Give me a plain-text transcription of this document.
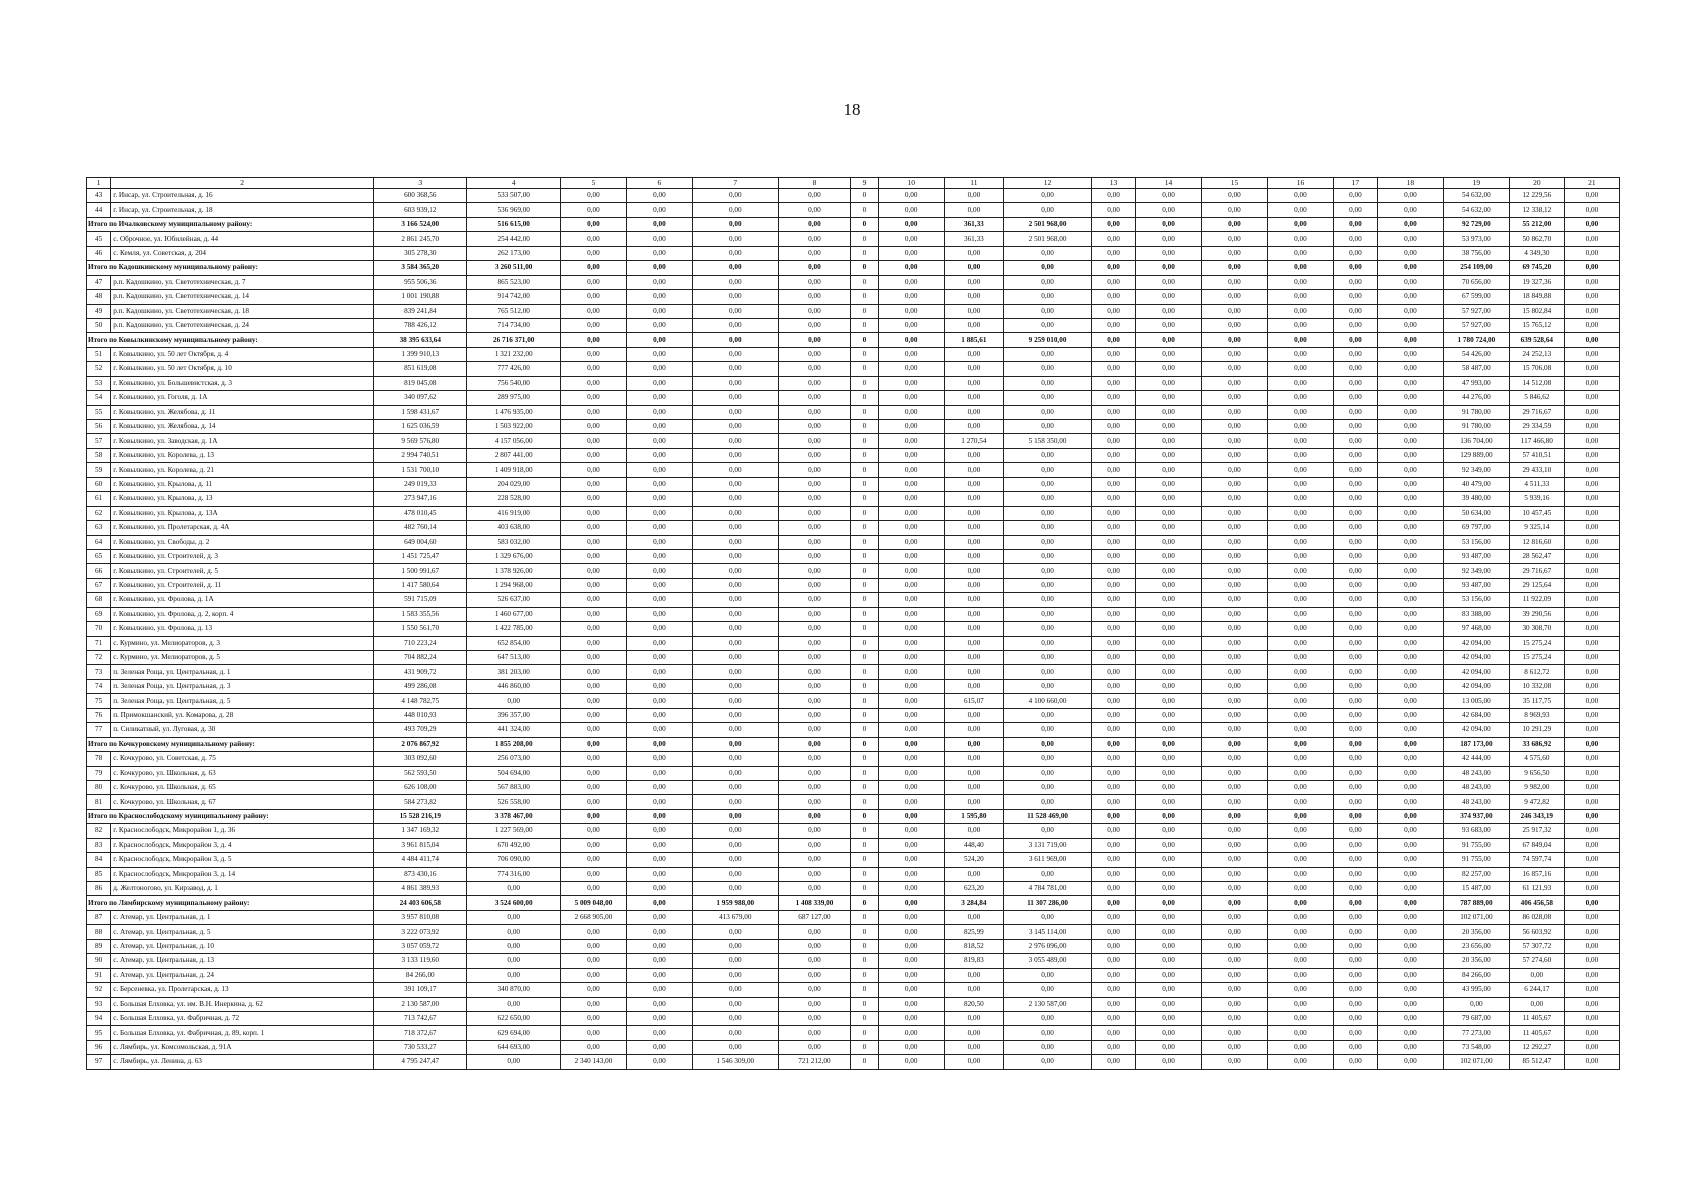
18
1	2	3	4	5	6	7	8	9	10	11	12	13	14	15	16	17	18	19	20	21
43	г. Инсар, ул. Строительная, д. 16	600 368,56	533 507,00	0,00	0,00	0,00	0,00	0	0,00	0,00	0,00	0,00	0,00	0,00	0,00	0,00	0,00	54 632,00	12 229,56	0,00
44	г. Инсар, ул. Строительная, д. 18	603 939,12	536 969,00	0,00	0,00	0,00	0,00	0	0,00	0,00	0,00	0,00	0,00	0,00	0,00	0,00	0,00	54 632,00	12 338,12	0,00
Итого по Ичалковскому муниципальному району:		3 166 524,00	516 615,00	0,00	0,00	0,00	0,00	0	0,00	361,33	2 501 968,00	0,00	0,00	0,00	0,00	0,00	0,00	92 729,00	55 212,00	0,00
45	с. Оброчное, ул. Юбилейная, д. 44	2 861 245,70	254 442,00	0,00	0,00	0,00	0,00	0	0,00	361,33	2 501 968,00	0,00	0,00	0,00	0,00	0,00	0,00	53 973,00	50 862,70	0,00
46	с. Кемля, ул. Советская, д. 204	305 278,30	262 173,00	0,00	0,00	0,00	0,00	0	0,00	0,00	0,00	0,00	0,00	0,00	0,00	0,00	0,00	38 756,00	4 349,30	0,00
Итого по Кадошкинскому муниципальному району:		3 584 365,20	3 260 511,00	0,00	0,00	0,00	0,00	0	0,00	0,00	0,00	0,00	0,00	0,00	0,00	0,00	0,00	254 109,00	69 745,20	0,00
47	р.п. Кадошкино, ул. Светотехническая, д. 7	955 506,36	865 523,00	0,00	0,00	0,00	0,00	0	0,00	0,00	0,00	0,00	0,00	0,00	0,00	0,00	0,00	70 656,00	19 327,36	0,00
48	р.п. Кадошкино, ул. Светотехническая, д. 14	1 001 190,88	914 742,00	0,00	0,00	0,00	0,00	0	0,00	0,00	0,00	0,00	0,00	0,00	0,00	0,00	0,00	67 599,00	18 849,88	0,00
49	р.п. Кадошкино, ул. Светотехническая, д. 18	839 241,84	765 512,00	0,00	0,00	0,00	0,00	0	0,00	0,00	0,00	0,00	0,00	0,00	0,00	0,00	0,00	57 927,00	15 802,84	0,00
50	р.п. Кадошкино, ул. Светотехническая, д. 24	788 426,12	714 734,00	0,00	0,00	0,00	0,00	0	0,00	0,00	0,00	0,00	0,00	0,00	0,00	0,00	0,00	57 927,00	15 765,12	0,00
Итого по Ковылкинскому муниципальному району:		38 395 633,64	26 716 371,00	0,00	0,00	0,00	0,00	0	0,00	1 885,61	9 259 010,00	0,00	0,00	0,00	0,00	0,00	0,00	1 780 724,00	639 528,64	0,00
51	г. Ковылкино, ул. 50 лет Октября, д. 4	1 399 910,13	1 321 232,00	0,00	0,00	0,00	0,00	0	0,00	0,00	0,00	0,00	0,00	0,00	0,00	0,00	0,00	54 426,00	24 252,13	0,00
52	г. Ковылкино, ул. 50 лет Октября, д. 10	851 619,08	777 426,00	0,00	0,00	0,00	0,00	0	0,00	0,00	0,00	0,00	0,00	0,00	0,00	0,00	0,00	58 487,00	15 706,08	0,00
53	г. Ковылкино, ул. Большевистская, д. 3	819 045,08	756 540,00	0,00	0,00	0,00	0,00	0	0,00	0,00	0,00	0,00	0,00	0,00	0,00	0,00	0,00	47 993,00	14 512,08	0,00
54	г. Ковылкино, ул. Гоголя, д. 1А	340 097,62	289 975,00	0,00	0,00	0,00	0,00	0	0,00	0,00	0,00	0,00	0,00	0,00	0,00	0,00	0,00	44 276,00	5 846,62	0,00
55	г. Ковылкино, ул. Желябова, д. 11	1 598 431,67	1 476 935,00	0,00	0,00	0,00	0,00	0	0,00	0,00	0,00	0,00	0,00	0,00	0,00	0,00	0,00	91 780,00	29 716,67	0,00
56	г. Ковылкино, ул. Желябова, д. 14	1 625 036,59	1 503 922,00	0,00	0,00	0,00	0,00	0	0,00	0,00	0,00	0,00	0,00	0,00	0,00	0,00	0,00	91 780,00	29 334,59	0,00
57	г. Ковылкино, ул. Заводская, д. 1А	9 569 576,80	4 157 056,00	0,00	0,00	0,00	0,00	0	0,00	1 270,54	5 158 350,00	0,00	0,00	0,00	0,00	0,00	0,00	136 704,00	117 466,80	0,00
58	г. Ковылкино, ул. Королева, д. 13	2 994 740,51	2 807 441,00	0,00	0,00	0,00	0,00	0	0,00	0,00	0,00	0,00	0,00	0,00	0,00	0,00	0,00	129 889,00	57 410,51	0,00
59	г. Ковылкино, ул. Королева, д. 21	1 531 700,10	1 409 918,00	0,00	0,00	0,00	0,00	0	0,00	0,00	0,00	0,00	0,00	0,00	0,00	0,00	0,00	92 349,00	29 433,10	0,00
60	г. Ковылкино, ул. Крылова, д. 11	249 019,33	204 029,00	0,00	0,00	0,00	0,00	0	0,00	0,00	0,00	0,00	0,00	0,00	0,00	0,00	0,00	40 479,00	4 511,33	0,00
61	г. Ковылкино, ул. Крылова, д. 13	273 947,16	228 528,00	0,00	0,00	0,00	0,00	0	0,00	0,00	0,00	0,00	0,00	0,00	0,00	0,00	0,00	39 480,00	5 939,16	0,00
62	г. Ковылкино, ул. Крылова, д. 13А	478 010,45	416 919,00	0,00	0,00	0,00	0,00	0	0,00	0,00	0,00	0,00	0,00	0,00	0,00	0,00	0,00	50 634,00	10 457,45	0,00
63	г. Ковылкино, ул. Пролетарская, д. 4А	482 760,14	403 638,00	0,00	0,00	0,00	0,00	0	0,00	0,00	0,00	0,00	0,00	0,00	0,00	0,00	0,00	69 797,00	9 325,14	0,00
64	г. Ковылкино, ул. Свободы, д. 2	649 004,60	583 032,00	0,00	0,00	0,00	0,00	0	0,00	0,00	0,00	0,00	0,00	0,00	0,00	0,00	0,00	53 156,00	12 816,60	0,00
65	г. Ковылкино, ул. Строителей, д. 3	1 451 725,47	1 329 676,00	0,00	0,00	0,00	0,00	0	0,00	0,00	0,00	0,00	0,00	0,00	0,00	0,00	0,00	93 487,00	28 562,47	0,00
66	г. Ковылкино, ул. Строителей, д. 5	1 500 991,67	1 378 926,00	0,00	0,00	0,00	0,00	0	0,00	0,00	0,00	0,00	0,00	0,00	0,00	0,00	0,00	92 349,00	29 716,67	0,00
67	г. Ковылкино, ул. Строителей, д. 11	1 417 580,64	1 294 968,00	0,00	0,00	0,00	0,00	0	0,00	0,00	0,00	0,00	0,00	0,00	0,00	0,00	0,00	93 487,00	29 125,64	0,00
68	г. Ковылкино, ул. Фролова, д. 1А	591 715,09	526 637,00	0,00	0,00	0,00	0,00	0	0,00	0,00	0,00	0,00	0,00	0,00	0,00	0,00	0,00	53 156,00	11 922,09	0,00
69	г. Ковылкино, ул. Фролова, д. 2, корп. 4	1 583 355,56	1 460 677,00	0,00	0,00	0,00	0,00	0	0,00	0,00	0,00	0,00	0,00	0,00	0,00	0,00	0,00	83 388,00	39 290,56	0,00
70	г. Ковылкино, ул. Фролова, д. 13	1 550 561,70	1 422 785,00	0,00	0,00	0,00	0,00	0	0,00	0,00	0,00	0,00	0,00	0,00	0,00	0,00	0,00	97 468,00	30 308,70	0,00
71	с. Курмино, ул. Мелиораторов, д. 3	710 223,24	652 854,00	0,00	0,00	0,00	0,00	0	0,00	0,00	0,00	0,00	0,00	0,00	0,00	0,00	0,00	42 094,00	15 275,24	0,00
72	с. Курмино, ул. Мелиораторов, д. 5	704 882,24	647 513,00	0,00	0,00	0,00	0,00	0	0,00	0,00	0,00	0,00	0,00	0,00	0,00	0,00	0,00	42 094,00	15 275,24	0,00
73	п. Зеленая Роща, ул. Центральная, д. 1	431 909,72	381 203,00	0,00	0,00	0,00	0,00	0	0,00	0,00	0,00	0,00	0,00	0,00	0,00	0,00	0,00	42 094,00	8 612,72	0,00
74	п. Зеленая Роща, ул. Центральная, д. 3	499 286,08	446 860,00	0,00	0,00	0,00	0,00	0	0,00	0,00	0,00	0,00	0,00	0,00	0,00	0,00	0,00	42 094,00	10 332,08	0,00
75	п. Зеленая Роща, ул. Центральная, д. 5	4 148 782,75	0,00	0,00	0,00	0,00	0,00	0	0,00	615,07	4 100 660,00	0,00	0,00	0,00	0,00	0,00	0,00	13 005,00	35 117,75	0,00
76	п. Примокшанский, ул. Комарова, д. 28	448 010,93	396 357,00	0,00	0,00	0,00	0,00	0	0,00	0,00	0,00	0,00	0,00	0,00	0,00	0,00	0,00	42 684,00	8 969,93	0,00
77	п. Силикатный, ул. Луговая, д. 30	493 709,29	441 324,00	0,00	0,00	0,00	0,00	0	0,00	0,00	0,00	0,00	0,00	0,00	0,00	0,00	0,00	42 094,00	10 291,29	0,00
Итого по Кочкуровскому муниципальному району:		2 076 867,92	1 855 208,00	0,00	0,00	0,00	0,00	0	0,00	0,00	0,00	0,00	0,00	0,00	0,00	0,00	0,00	187 173,00	33 686,92	0,00
78	с. Кочкурово, ул. Советская, д. 75	303 092,60	256 073,00	0,00	0,00	0,00	0,00	0	0,00	0,00	0,00	0,00	0,00	0,00	0,00	0,00	0,00	42 444,00	4 575,60	0,00
79	с. Кочкурово, ул. Школьная, д. 63	562 593,50	504 694,00	0,00	0,00	0,00	0,00	0	0,00	0,00	0,00	0,00	0,00	0,00	0,00	0,00	0,00	48 243,00	9 656,50	0,00
80	с. Кочкурово, ул. Школьная, д. 65	626 108,00	567 883,00	0,00	0,00	0,00	0,00	0	0,00	0,00	0,00	0,00	0,00	0,00	0,00	0,00	0,00	48 243,00	9 982,00	0,00
81	с. Кочкурово, ул. Школьная, д. 67	584 273,82	526 558,00	0,00	0,00	0,00	0,00	0	0,00	0,00	0,00	0,00	0,00	0,00	0,00	0,00	0,00	48 243,00	9 472,82	0,00
Итого по Краснослободскому муниципальному району:		15 528 216,19	3 378 467,00	0,00	0,00	0,00	0,00	0	0,00	1 595,80	11 528 469,00	0,00	0,00	0,00	0,00	0,00	0,00	374 937,00	246 343,19	0,00
82	г. Краснослободск, Микрорайон 1, д. 36	1 347 169,32	1 227 569,00	0,00	0,00	0,00	0,00	0	0,00	0,00	0,00	0,00	0,00	0,00	0,00	0,00	0,00	93 683,00	25 917,32	0,00
83	г. Краснослободск, Микрорайон 3, д. 4	3 961 815,04	670 492,00	0,00	0,00	0,00	0,00	0	0,00	448,40	3 131 719,00	0,00	0,00	0,00	0,00	0,00	0,00	91 755,00	67 849,04	0,00
84	г. Краснослободск, Микрорайон 3, д. 5	4 484 411,74	706 090,00	0,00	0,00	0,00	0,00	0	0,00	524,20	3 611 969,00	0,00	0,00	0,00	0,00	0,00	0,00	91 755,00	74 597,74	0,00
85	г. Краснослободск, Микрорайон 3, д. 14	873 430,16	774 316,00	0,00	0,00	0,00	0,00	0	0,00	0,00	0,00	0,00	0,00	0,00	0,00	0,00	0,00	82 257,00	16 857,16	0,00
86	д. Желтоногово, ул. Кирзавод, д. 1	4 861 389,93	0,00	0,00	0,00	0,00	0,00	0	0,00	623,20	4 784 781,00	0,00	0,00	0,00	0,00	0,00	0,00	15 487,00	61 121,93	0,00
Итого по Лямбирскому муниципальному району:		24 403 606,58	3 524 600,00	5 009 048,00	0,00	1 959 988,00	1 408 339,00	0	0,00	3 284,84	11 307 286,00	0,00	0,00	0,00	0,00	0,00	0,00	787 889,00	406 456,58	0,00
87	с. Атемар, ул. Центральная, д. 1	3 957 810,08	0,00	2 668 905,00	0,00	413 679,00	687 127,00	0	0,00	0,00	0,00	0,00	0,00	0,00	0,00	0,00	0,00	102 071,00	86 028,08	0,00
88	с. Атемар, ул. Центральная, д. 5	3 222 073,92	0,00	0,00	0,00	0,00	0,00	0	0,00	825,99	3 145 114,00	0,00	0,00	0,00	0,00	0,00	0,00	20 356,00	56 603,92	0,00
89	с. Атемар, ул. Центральная, д. 10	3 057 059,72	0,00	0,00	0,00	0,00	0,00	0	0,00	818,52	2 976 096,00	0,00	0,00	0,00	0,00	0,00	0,00	23 656,00	57 307,72	0,00
90	с. Атемар, ул. Центральная, д. 13	3 133 119,60	0,00	0,00	0,00	0,00	0,00	0	0,00	819,83	3 055 489,00	0,00	0,00	0,00	0,00	0,00	0,00	20 356,00	57 274,60	0,00
91	с. Атемар, ул. Центральная, д. 24	84 266,00	0,00	0,00	0,00	0,00	0,00	0	0,00	0,00	0,00	0,00	0,00	0,00	0,00	0,00	0,00	84 266,00	0,00	0,00
92	с. Берсеневка, ул. Пролетарская, д. 13	391 109,17	340 870,00	0,00	0,00	0,00	0,00	0	0,00	0,00	0,00	0,00	0,00	0,00	0,00	0,00	0,00	43 995,00	6 244,17	0,00
93	с. Большая Елховка, ул. им. В.Н. Инеркина, д. 62	2 130 587,00	0,00	0,00	0,00	0,00	0,00	0	0,00	820,50	2 130 587,00	0,00	0,00	0,00	0,00	0,00	0,00	0,00	0,00	0,00
94	с. Большая Елховка, ул. Фабричная, д. 72	713 742,67	622 650,00	0,00	0,00	0,00	0,00	0	0,00	0,00	0,00	0,00	0,00	0,00	0,00	0,00	0,00	79 687,00	11 405,67	0,00
95	с. Большая Елховка, ул. Фабричная, д. 89, корп. 1	718 372,67	629 694,00	0,00	0,00	0,00	0,00	0	0,00	0,00	0,00	0,00	0,00	0,00	0,00	0,00	0,00	77 273,00	11 405,67	0,00
96	с. Лямбирь, ул. Комсомольская, д. 91А	730 533,27	644 693,00	0,00	0,00	0,00	0,00	0	0,00	0,00	0,00	0,00	0,00	0,00	0,00	0,00	0,00	73 548,00	12 292,27	0,00
97	с. Лямбирь, ул. Ленина, д. 63	4 795 247,47	0,00	2 340 143,00	0,00	1 546 309,00	721 212,00	0	0,00	0,00	0,00	0,00	0,00	0,00	0,00	0,00	0,00	102 071,00	85 512,47	0,00
